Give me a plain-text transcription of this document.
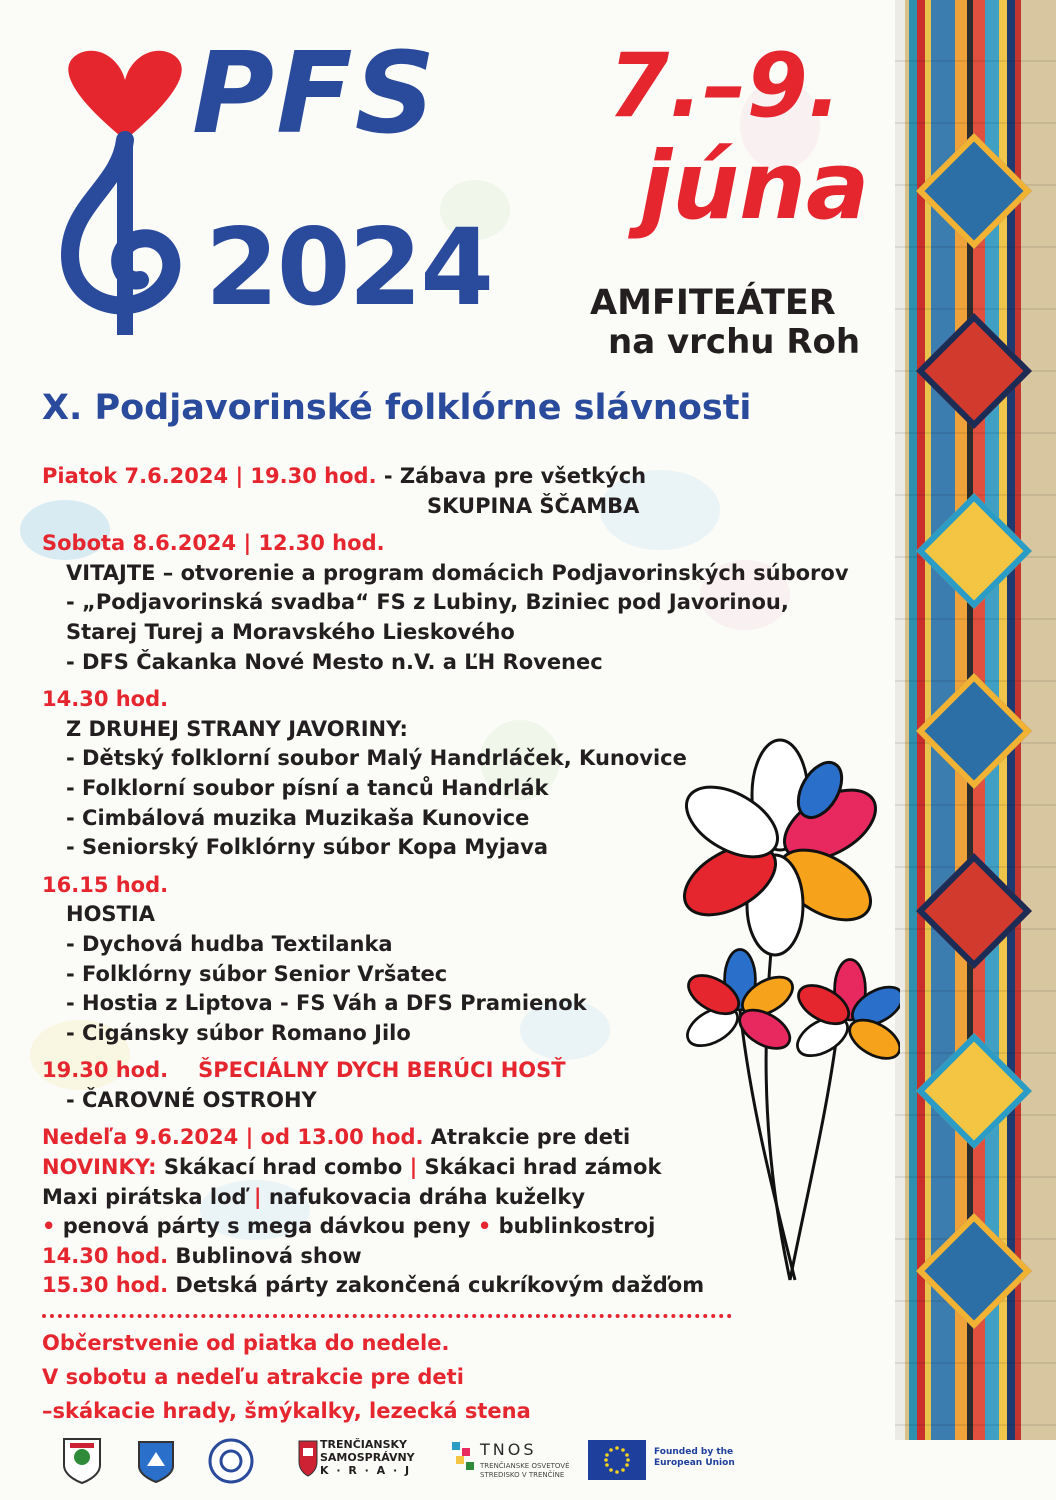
PFS
2024
7.–9.
júna
AMFITEÁTER
na vrchu Roh
X. Podjavorinské folklórne slávnosti
Piatok 7.6.2024 | 19.30 hod. - Zábava pre všetkých
SKUPINA ŠČAMBA
Sobota 8.6.2024 | 12.30 hod.
VITAJTE – otvorenie a program domácich Podjavorinských súborov
- „Podjavorinská svadba“ FS z Lubiny, Bziniec pod Javorinou,
Starej Turej a Moravského Lieskového
- DFS Čakanka Nové Mesto n.V. a ĽH Rovenec
14.30 hod.
Z DRUHEJ STRANY JAVORINY:
- Dětský folklorní soubor Malý Handrláček, Kunovice
- Folklorní soubor písní a tanců Handrlák
- Cimbálová muzika Muzikaša Kunovice
- Seniorský Folklórny súbor Kopa Myjava
16.15 hod.
HOSTIA
- Dychová hudba Textilanka
- Folklórny súbor Senior Vršatec
- Hostia z Liptova - FS Váh a DFS Pramienok
- Cigánsky súbor Romano Jilo
19.30 hod. ŠPECIÁLNY DYCH BERÚCI HOSŤ
- ČAROVNÉ OSTROHY
Nedeľa 9.6.2024 | od 13.00 hod. Atrakcie pre deti
NOVINKY: Skákací hrad combo | Skákaci hrad zámok
Maxi pirátska loď | nafukovacia dráha kuželky
• penová párty s mega dávkou peny • bublinkostroj
14.30 hod. Bublinová show
15.30 hod. Detská párty zakončená cukríkovým dažďom
Občerstvenie od piatka do nedele.
V sobotu a nedeľu atrakcie pre deti
–skákacie hrady, šmýkalky, lezecká stena
TRENČIANSKY
SAMOSPRÁVNY
K · R · A · J
TNOS
TRENČIANSKE OSVETOVÉ
STREDISKO V TRENČÍNE
Founded by the
European Union
